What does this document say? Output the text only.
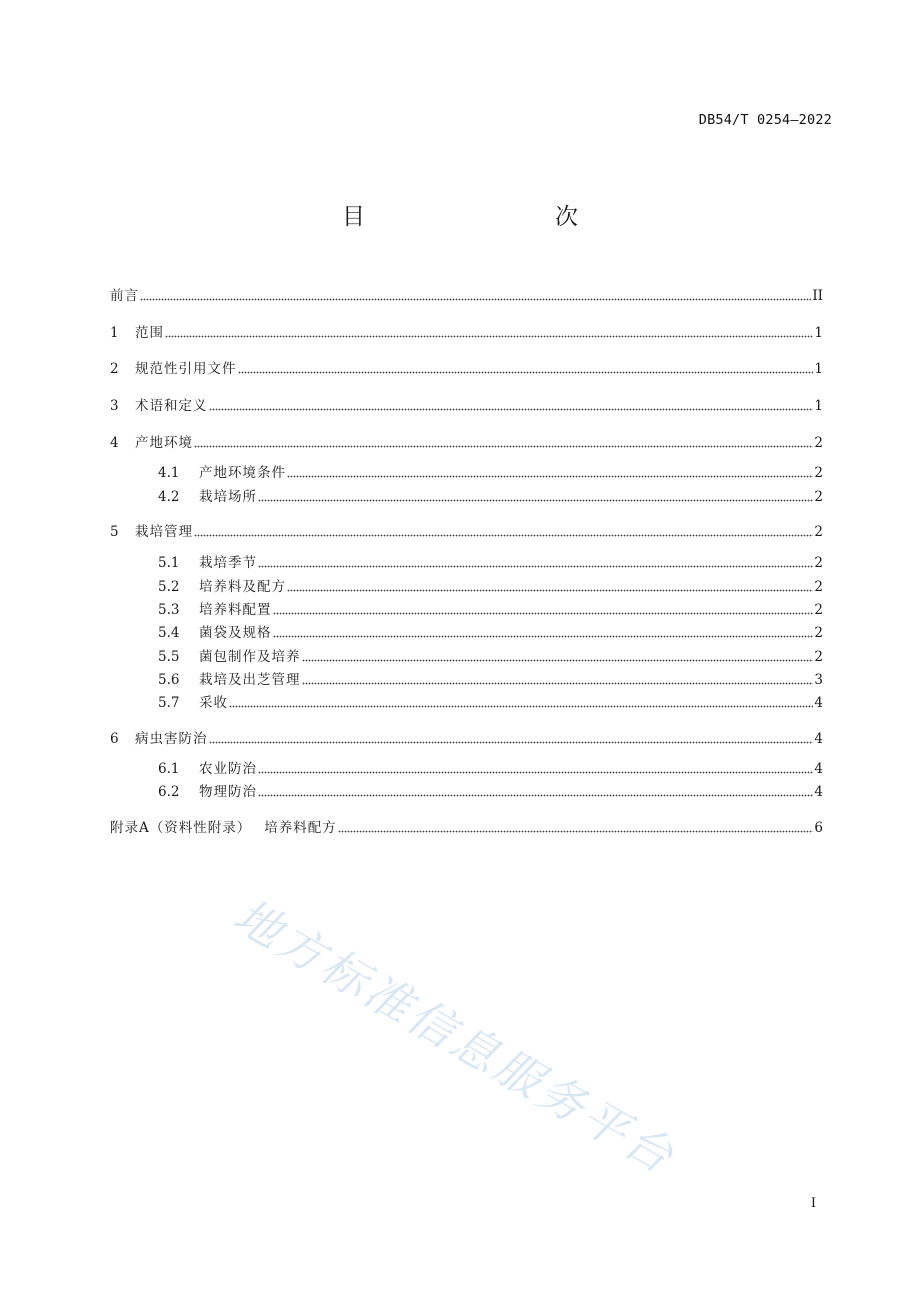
DB54/T 0254—2022
目　　次
前言	II
1	范围	1
2	规范性引用文件	1
3	术语和定义	1
4	产地环境	2
4.1	产地环境条件	2
4.2	栽培场所	2
5	栽培管理	2
5.1	栽培季节	2
5.2	培养料及配方	2
5.3	培养料配置	2
5.4	菌袋及规格	2
5.5	菌包制作及培养	2
5.6	栽培及出芝管理	3
5.7	采收	4
6	病虫害防治	4
6.1	农业防治	4
6.2	物理防治	4
附录A（资料性附录）　 培养料配方	6
地方标准信息服务平台
I
